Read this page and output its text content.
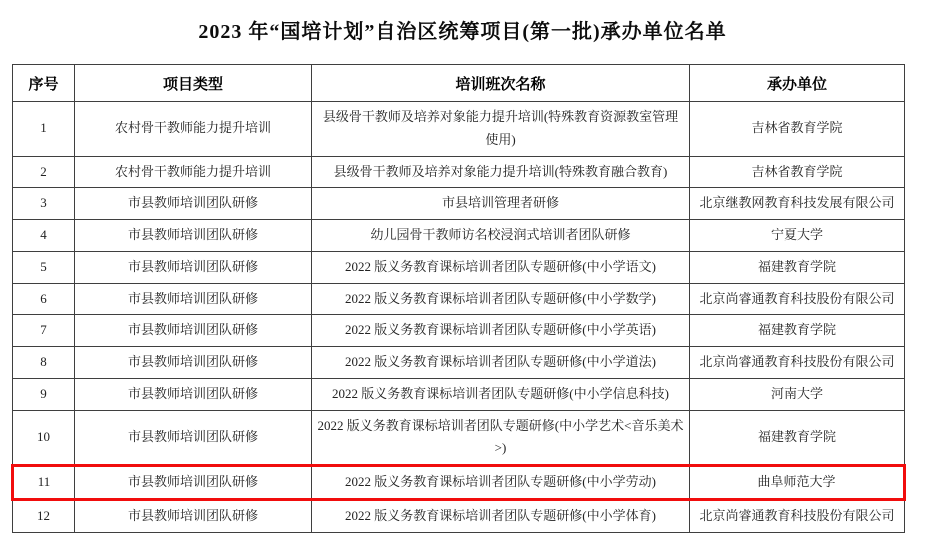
2023 年“国培计划”自治区统筹项目(第一批)承办单位名单
序号	项目类型	培训班次名称	承办单位
1	农村骨干教师能力提升培训	县级骨干教师及培养对象能力提升培训(特殊教育资源教室管理使用)	吉林省教育学院
2	农村骨干教师能力提升培训	县级骨干教师及培养对象能力提升培训(特殊教育融合教育)	吉林省教育学院
3	市县教师培训团队研修	市县培训管理者研修	北京继教网教育科技发展有限公司
4	市县教师培训团队研修	幼儿园骨干教师访名校浸润式培训者团队研修	宁夏大学
5	市县教师培训团队研修	2022 版义务教育课标培训者团队专题研修(中小学语文)	福建教育学院
6	市县教师培训团队研修	2022 版义务教育课标培训者团队专题研修(中小学数学)	北京尚睿通教育科技股份有限公司
7	市县教师培训团队研修	2022 版义务教育课标培训者团队专题研修(中小学英语)	福建教育学院
8	市县教师培训团队研修	2022 版义务教育课标培训者团队专题研修(中小学道法)	北京尚睿通教育科技股份有限公司
9	市县教师培训团队研修	2022 版义务教育课标培训者团队专题研修(中小学信息科技)	河南大学
10	市县教师培训团队研修	2022 版义务教育课标培训者团队专题研修(中小学艺术<音乐美术>)	福建教育学院
11	市县教师培训团队研修	2022 版义务教育课标培训者团队专题研修(中小学劳动)	曲阜师范大学
12	市县教师培训团队研修	2022 版义务教育课标培训者团队专题研修(中小学体育)	北京尚睿通教育科技股份有限公司
